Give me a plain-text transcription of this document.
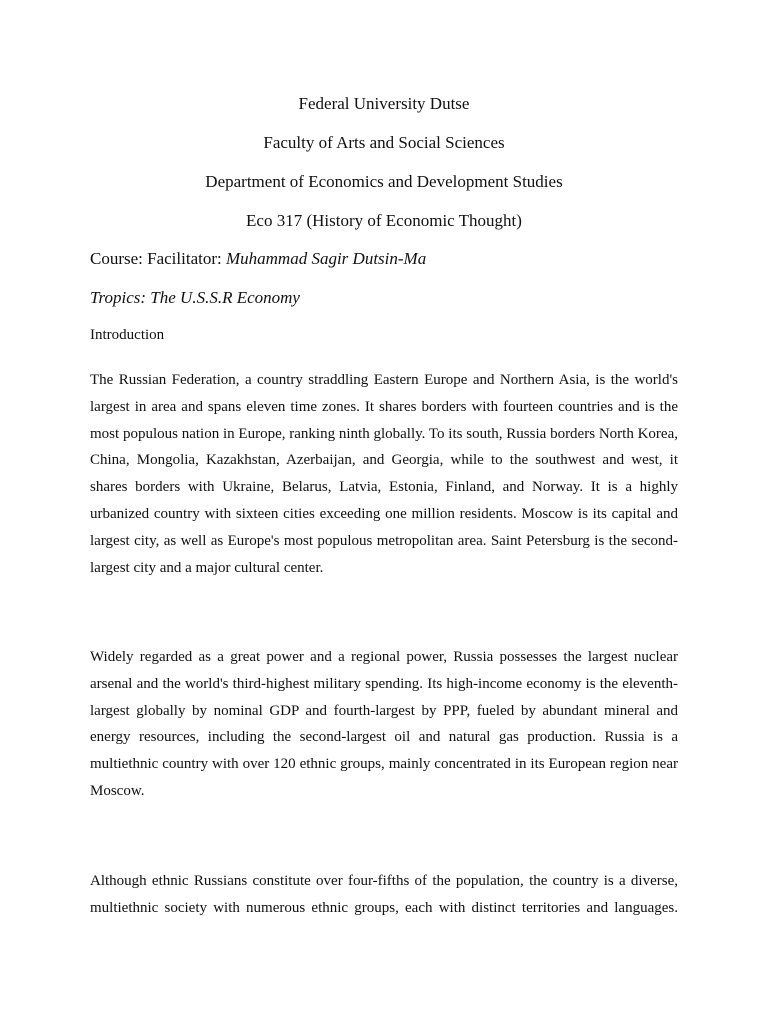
Federal University Dutse
Faculty of Arts and Social Sciences
Department of Economics and Development Studies
Eco 317 (History of Economic Thought)
Course: Facilitator: Muhammad Sagir Dutsin-Ma
Tropics: The U.S.S.R Economy
Introduction

The Russian Federation, a country straddling Eastern Europe and Northern Asia, is the world's largest in area and spans eleven time zones. It shares borders with fourteen countries and is the most populous nation in Europe, ranking ninth globally. To its south, Russia borders North Korea, China, Mongolia, Kazakhstan, Azerbaijan, and Georgia, while to the southwest and west, it shares borders with Ukraine, Belarus, Latvia, Estonia, Finland, and Norway. It is a highly urbanized country with sixteen cities exceeding one million residents. Moscow is its capital and largest city, as well as Europe's most populous metropolitan area. Saint Petersburg is the second-largest city and a major cultural center.

Widely regarded as a great power and a regional power, Russia possesses the largest nuclear arsenal and the world's third-highest military spending. Its high-income economy is the eleventh-largest globally by nominal GDP and fourth-largest by PPP, fueled by abundant mineral and energy resources, including the second-largest oil and natural gas production. Russia is a multiethnic country with over 120 ethnic groups, mainly concentrated in its European region near Moscow.

Although ethnic Russians constitute over four-fifths of the population, the country is a diverse, multiethnic society with numerous ethnic groups, each with distinct territories and languages.
